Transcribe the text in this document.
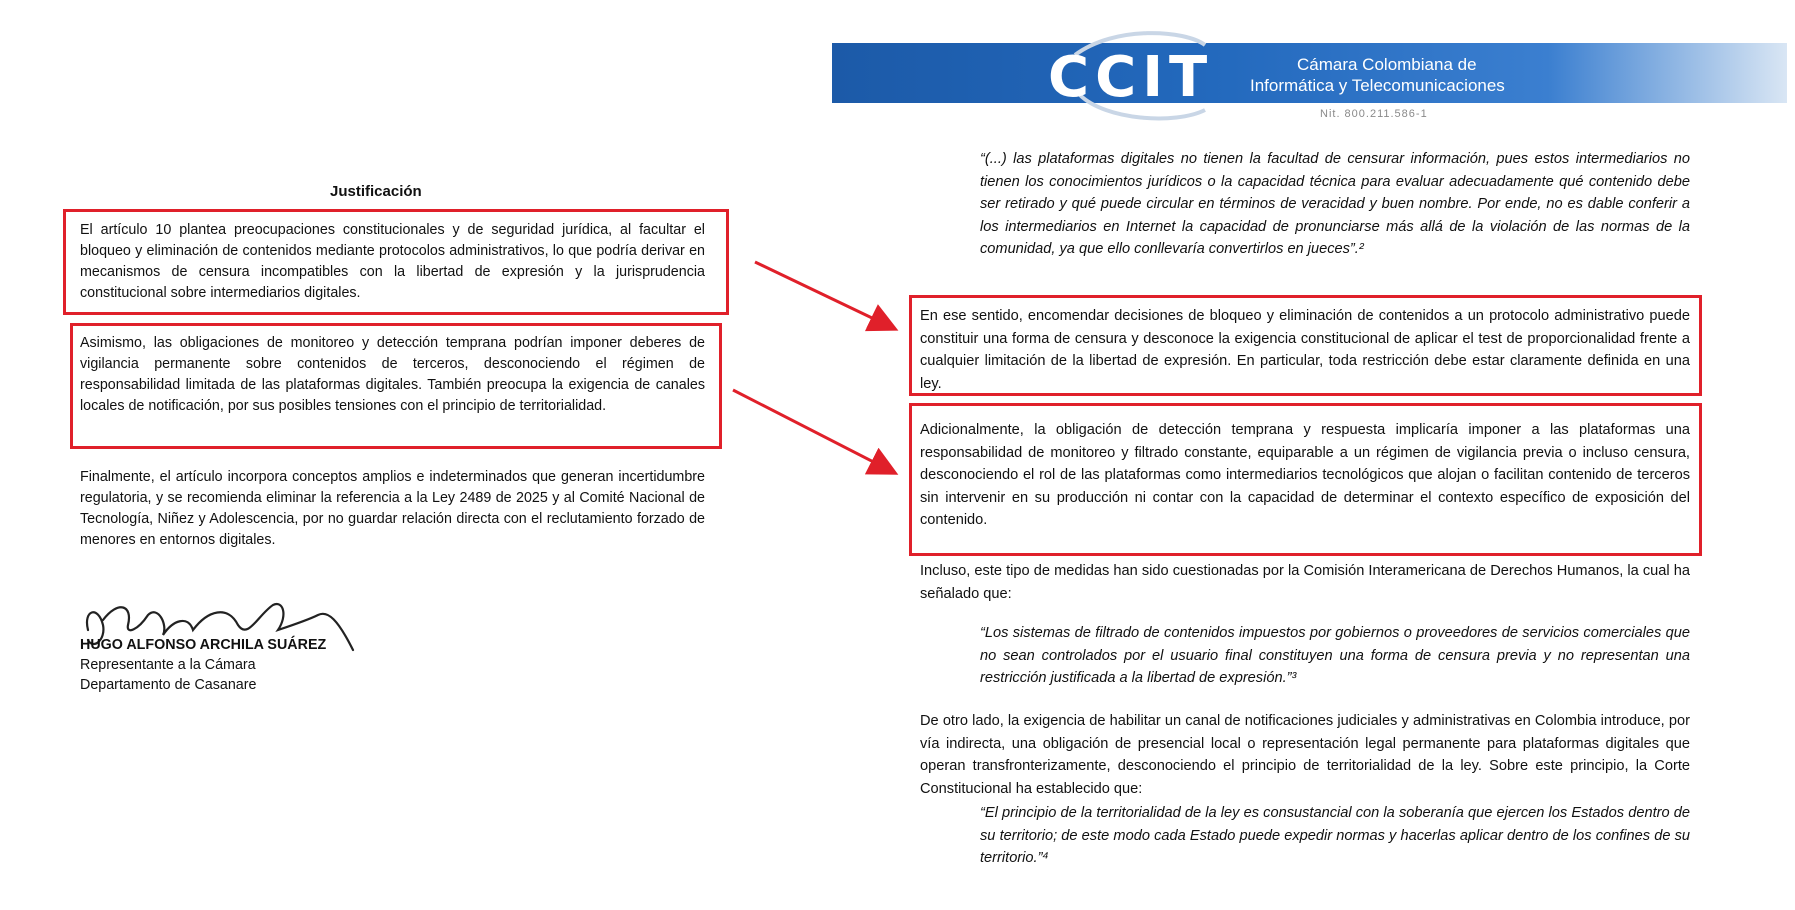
Justificación
El artículo 10 plantea preocupaciones constitucionales y de seguridad jurídica, al facultar el bloqueo y eliminación de contenidos mediante protocolos administrativos, lo que podría derivar en mecanismos de censura incompatibles con la libertad de expresión y la jurisprudencia constitucional sobre intermediarios digitales.
Asimismo, las obligaciones de monitoreo y detección temprana podrían imponer deberes de vigilancia permanente sobre contenidos de terceros, desconociendo el régimen de responsabilidad limitada de las plataformas digitales. También preocupa la exigencia de canales locales de notificación, por sus posibles tensiones con el principio de territorialidad.
Finalmente, el artículo incorpora conceptos amplios e indeterminados que generan incertidumbre regulatoria, y se recomienda eliminar la referencia a la Ley 2489 de 2025 y al Comité Nacional de Tecnología, Niñez y Adolescencia, por no guardar relación directa con el reclutamiento forzado de menores en entornos digitales.
HUGO ALFONSO ARCHILA SUÁREZ
Representante a la Cámara
Departamento de Casanare
CCIT	Cámara Colombiana de
Informática y Telecomunicaciones
Nit. 800.211.586-1
“(...) las plataformas digitales no tienen la facultad de censurar información, pues estos intermediarios no tienen los conocimientos jurídicos o la capacidad técnica para evaluar adecuadamente qué contenido debe ser retirado y qué puede circular en términos de veracidad y buen nombre. Por ende, no es dable conferir a los intermediarios en Internet la capacidad de pronunciarse más allá de la violación de las normas de la comunidad, ya que ello conllevaría convertirlos en jueces”.²
En ese sentido, encomendar decisiones de bloqueo y eliminación de contenidos a un protocolo administrativo puede constituir una forma de censura y desconoce la exigencia constitucional de aplicar el test de proporcionalidad frente a cualquier limitación de la libertad de expresión. En particular, toda restricción debe estar claramente definida en una ley.
Adicionalmente, la obligación de detección temprana y respuesta implicaría imponer a las plataformas una responsabilidad de monitoreo y filtrado constante, equiparable a un régimen de vigilancia previa o incluso censura, desconociendo el rol de las plataformas como intermediarios tecnológicos que alojan o facilitan contenido de terceros sin intervenir en su producción ni contar con la capacidad de determinar el contexto específico de exposición del contenido.
Incluso, este tipo de medidas han sido cuestionadas por la Comisión Interamericana de Derechos Humanos, la cual ha señalado que:
“Los sistemas de filtrado de contenidos impuestos por gobiernos o proveedores de servicios comerciales que no sean controlados por el usuario final constituyen una forma de censura previa y no representan una restricción justificada a la libertad de expresión.”³
De otro lado, la exigencia de habilitar un canal de notificaciones judiciales y administrativas en Colombia introduce, por vía indirecta, una obligación de presencial local o representación legal permanente para plataformas digitales que operan transfronterizamente, desconociendo el principio de territorialidad de la ley. Sobre este principio, la Corte Constitucional ha establecido que:
“El principio de la territorialidad de la ley es consustancial con la soberanía que ejercen los Estados dentro de su territorio; de este modo cada Estado puede expedir normas y hacerlas aplicar dentro de los confines de su territorio.”⁴
